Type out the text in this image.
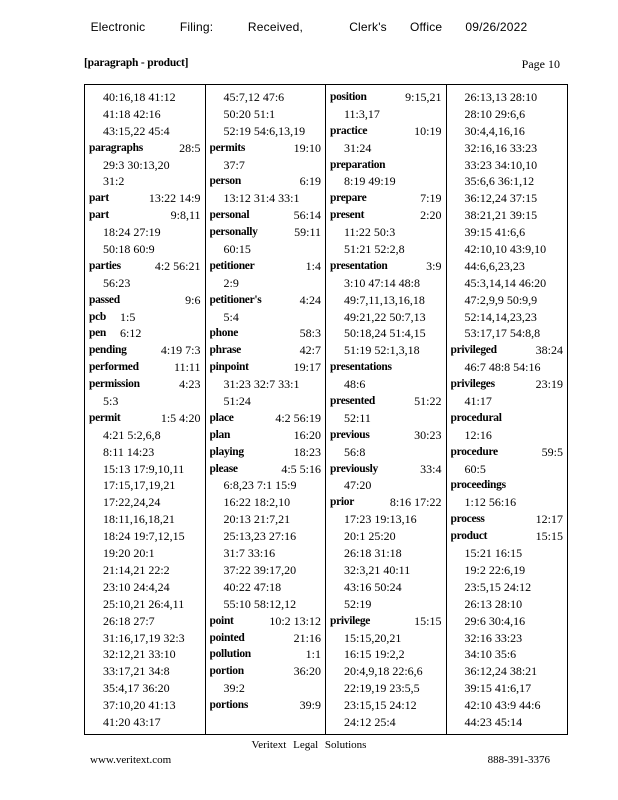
Electronic   Filing:   Received,    Clerk's  Office  09/26/2022
[paragraph - product]	Page 10
40:16,18 41:12
41:18 42:16
43:15,22 45:4
paragraphs	28:5
29:3 30:13,20
31:2
part	13:22 14:9
part	9:8,11
18:24 27:19
50:18 60:9
parties	4:2 56:21
56:23
passed	9:6
pcb 1:5
pen 6:12
pending	4:19 7:3
performed	11:11
permission	4:23
5:3
permit	1:5 4:20
4:21 5:2,6,8
8:11 14:23
15:13 17:9,10,11
17:15,17,19,21
17:22,24,24
18:11,16,18,21
18:24 19:7,12,15
19:20 20:1
21:14,21 22:2
23:10 24:4,24
25:10,21 26:4,11
26:18 27:7
31:16,17,19 32:3
32:12,21 33:10
33:17,21 34:8
35:4,17 36:20
37:10,20 41:13
41:20 43:17
45:7,12 47:6
50:20 51:1
52:19 54:6,13,19
permits	19:10
37:7
person	6:19
13:12 31:4 33:1
personal	56:14
personally	59:11
60:15
petitioner	1:4
2:9
petitioner's	4:24
5:4
phone	58:3
phrase	42:7
pinpoint	19:17
31:23 32:7 33:1
51:24
place	4:2 56:19
plan	16:20
playing	18:23
please	4:5 5:16
6:8,23 7:1 15:9
16:22 18:2,10
20:13 21:7,21
25:13,23 27:16
31:7 33:16
37:22 39:17,20
40:22 47:18
55:10 58:12,12
point	10:2 13:12
pointed	21:16
pollution	1:1
portion	36:20
39:2
portions	39:9
position	9:15,21
11:3,17
practice	10:19
31:24
preparation
8:19 49:19
prepare	7:19
present	2:20
11:22 50:3
51:21 52:2,8
presentation	3:9
3:10 47:14 48:8
49:7,11,13,16,18
49:21,22 50:7,13
50:18,24 51:4,15
51:19 52:1,3,18
presentations
48:6
presented	51:22
52:11
previous	30:23
56:8
previously	33:4
47:20
prior	8:16 17:22
17:23 19:13,16
20:1 25:20
26:18 31:18
32:3,21 40:11
43:16 50:24
52:19
privilege	15:15
15:15,20,21
16:15 19:2,2
20:4,9,18 22:6,6
22:19,19 23:5,5
23:15,15 24:12
24:12 25:4
26:13,13 28:10
28:10 29:6,6
30:4,4,16,16
32:16,16 33:23
33:23 34:10,10
35:6,6 36:1,12
36:12,24 37:15
38:21,21 39:15
39:15 41:6,6
42:10,10 43:9,10
44:6,6,23,23
45:3,14,14 46:20
47:2,9,9 50:9,9
52:14,14,23,23
53:17,17 54:8,8
privileged	38:24
46:7 48:8 54:16
privileges	23:19
41:17
procedural
12:16
procedure	59:5
60:5
proceedings
1:12 56:16
process	12:17
product	15:15
15:21 16:15
19:2 22:6,19
23:5,15 24:12
26:13 28:10
29:6 30:4,16
32:16 33:23
34:10 35:6
36:12,24 38:21
39:15 41:6,17
42:10 43:9 44:6
44:23 45:14
Veritext Legal Solutions
www.veritext.com	888-391-3376
